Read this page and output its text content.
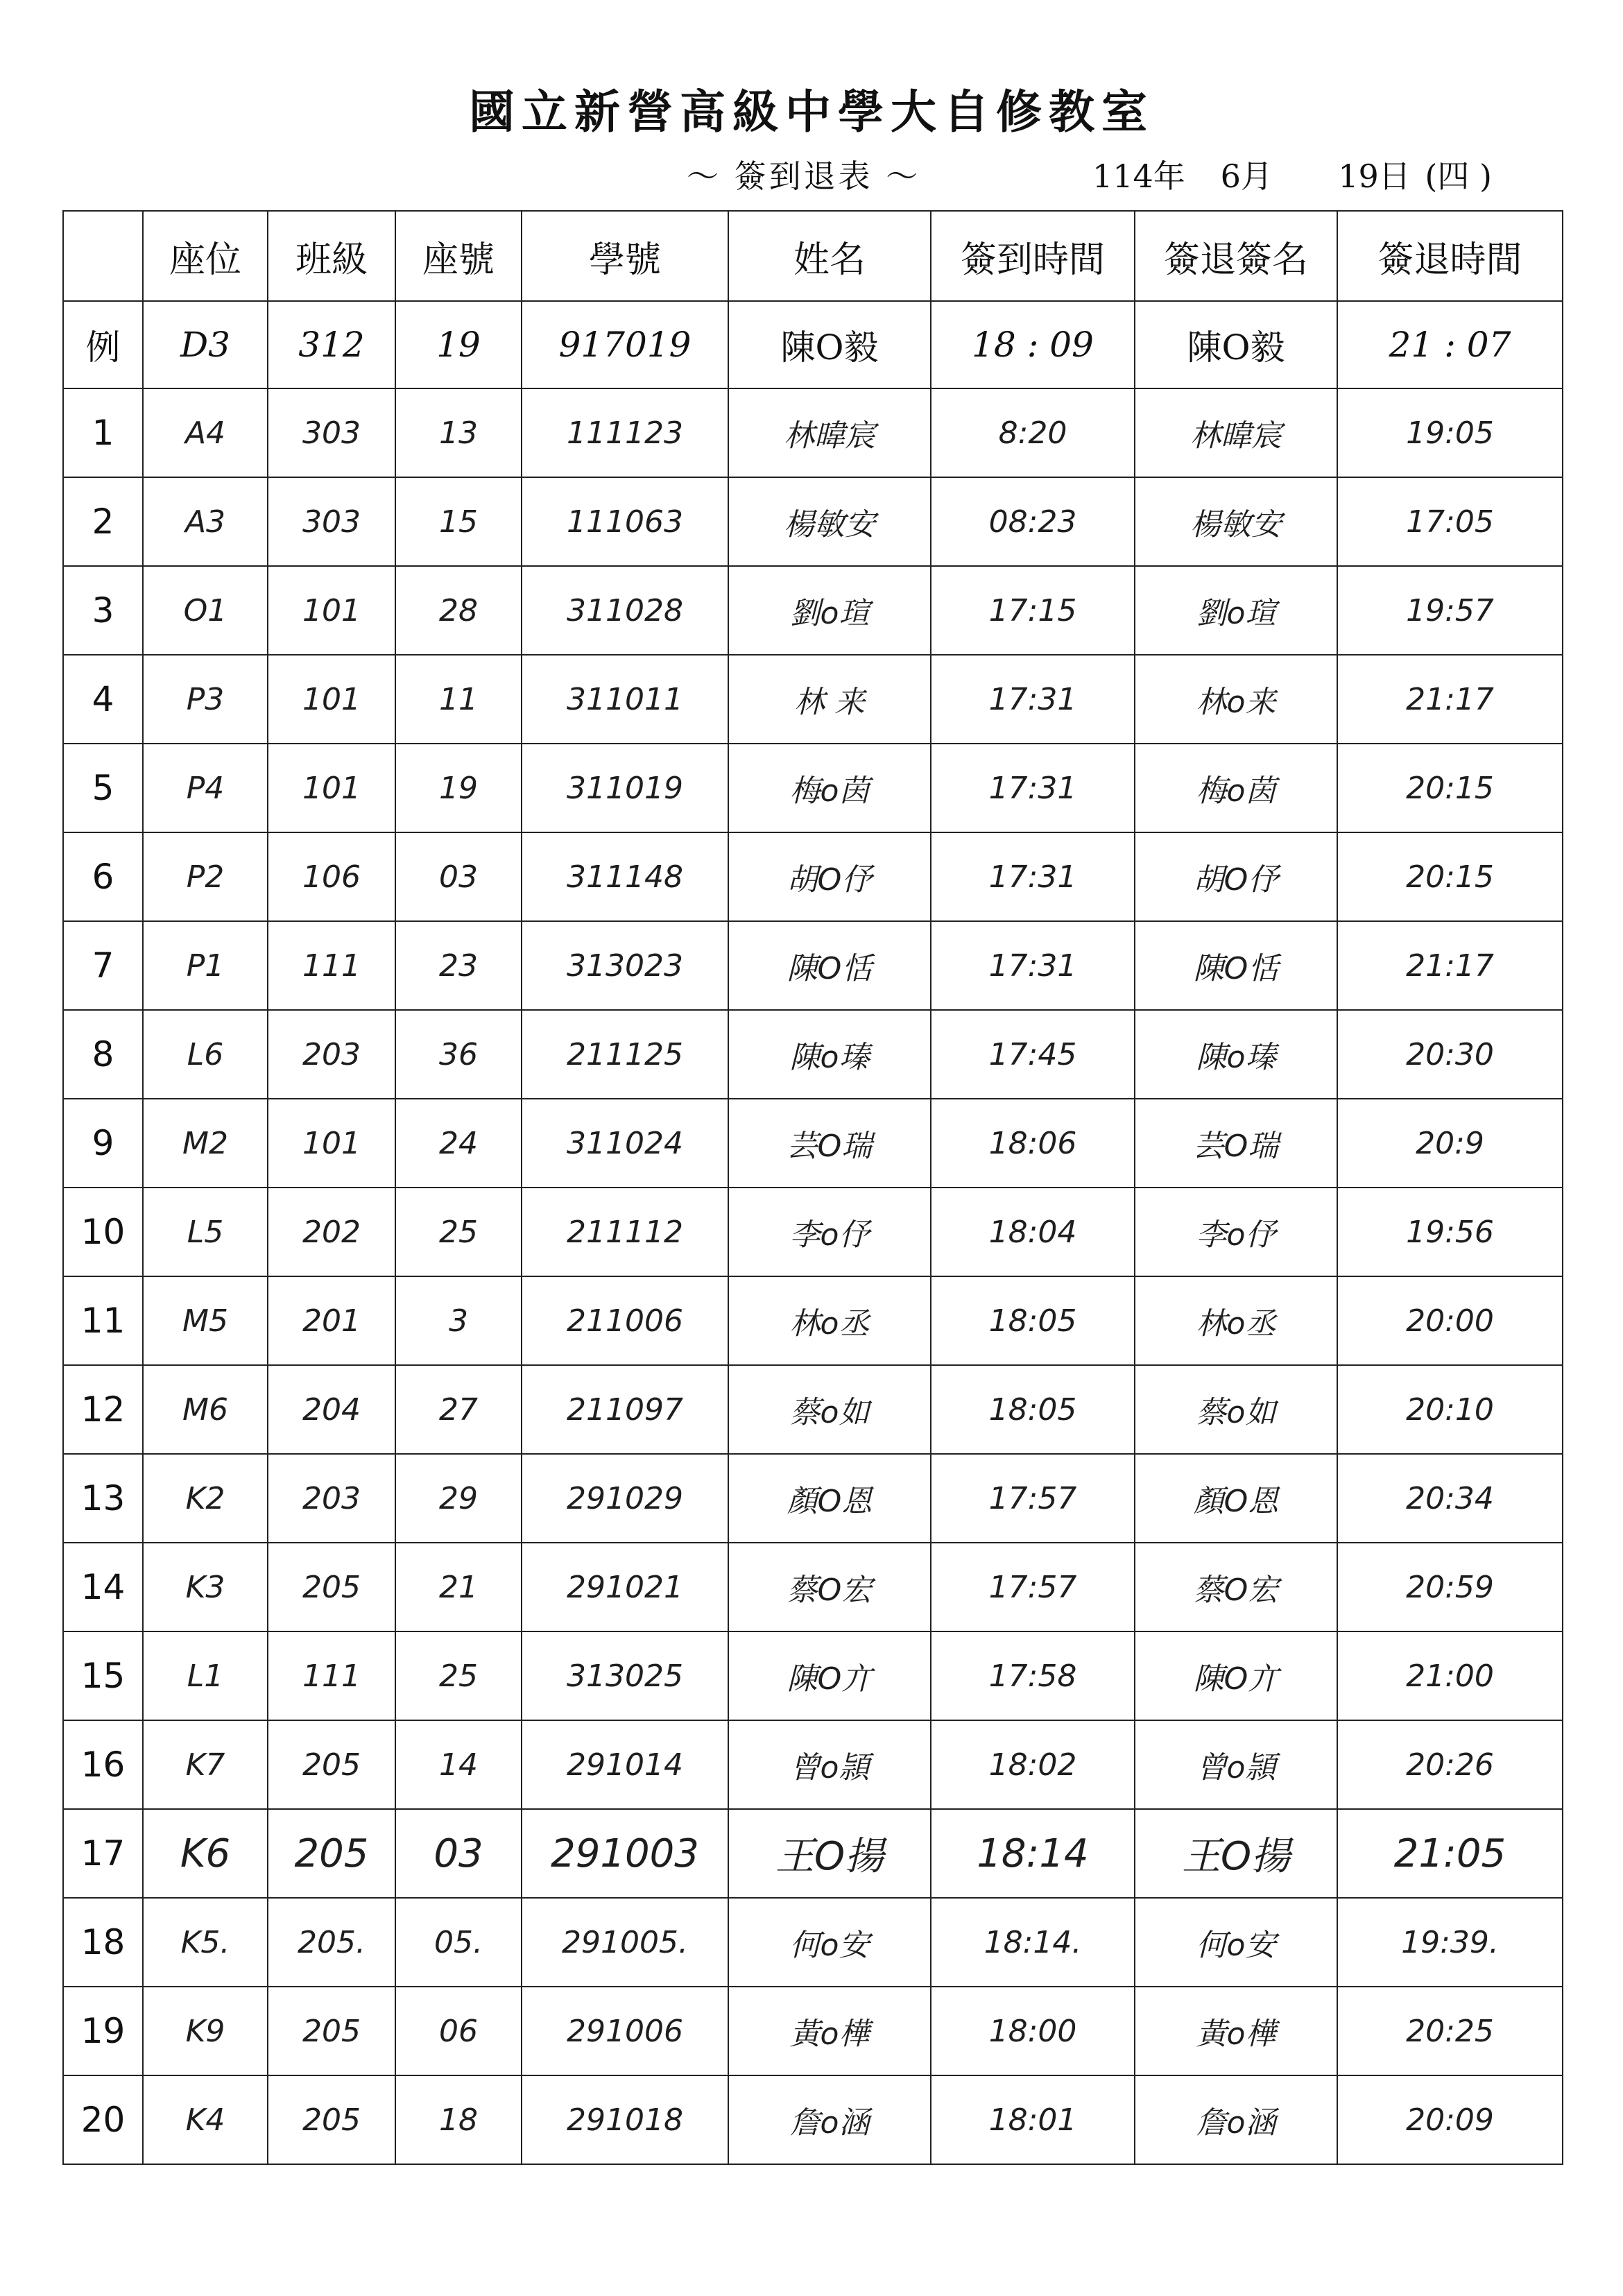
國立新營高級中學大自修教室
〜 簽到退表 〜	114年 6月 19日 (四 )
	座位	班級	座號	學號	姓名	簽到時間	簽退簽名	簽退時間
例	D3	312	19	917019	陳O毅	18 : 09	陳O毅	21 : 07
1	A4	303	13	111123	林暐宸	8:20	林暐宸	19:05
2	A3	303	15	111063	楊敏安	08:23	楊敏安	17:05
3	O1	101	28	311028	劉o瑄	17:15	劉o瑄	19:57
4	P3	101	11	311011	林 来	17:31	林o来	21:17
5	P4	101	19	311019	梅o茵	17:31	梅o茵	20:15
6	P2	106	03	311148	胡O伃	17:31	胡O伃	20:15
7	P1	111	23	313023	陳O恬	17:31	陳O恬	21:17
8	L6	203	36	211125	陳o瑧	17:45	陳o瑧	20:30
9	M2	101	24	311024	芸O瑞	18:06	芸O瑞	20:9
10	L5	202	25	211112	李o伃	18:04	李o伃	19:56
11	M5	201	3	211006	林o丞	18:05	林o丞	20:00
12	M6	204	27	211097	蔡o如	18:05	蔡o如	20:10
13	K2	203	29	291029	顏O恩	17:57	顏O恩	20:34
14	K3	205	21	291021	蔡O宏	17:57	蔡O宏	20:59
15	L1	111	25	313025	陳O亣	17:58	陳O亣	21:00
16	K7	205	14	291014	曾o頴	18:02	曾o頴	20:26
17	K6	205	03	291003	王O揚	18:14	王O揚	21:05
18	K5.	205.	05.	291005.	何o安	18:14.	何o安	19:39.
19	K9	205	06	291006	黃o樺	18:00	黃o樺	20:25
20	K4	205	18	291018	詹o涵	18:01	詹o涵	20:09
